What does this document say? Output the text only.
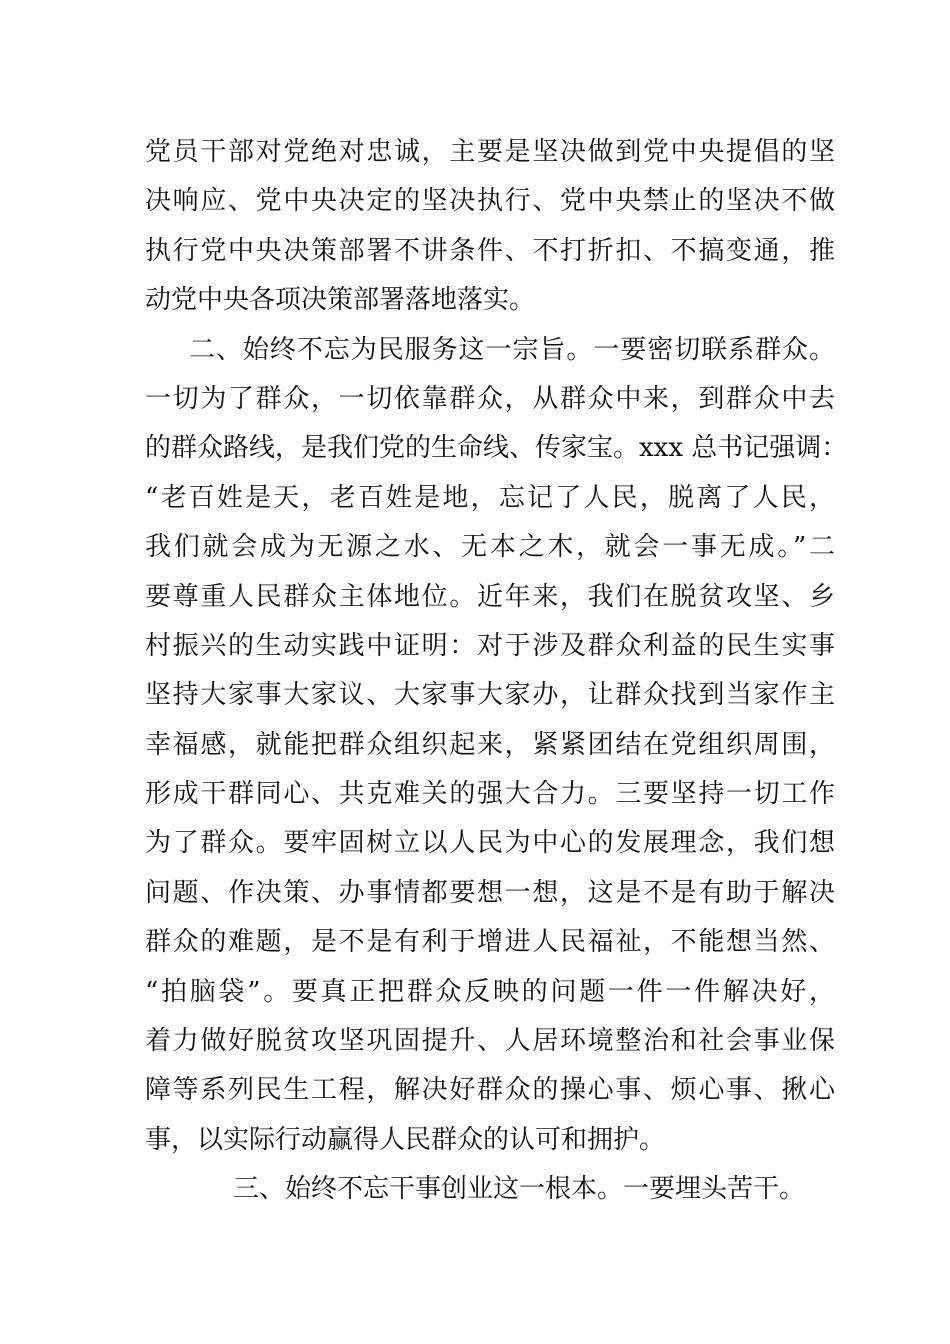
党员干部对党绝对忠诚，主要是坚决做到党中央提倡的坚
决响应、党中央决定的坚决执行、党中央禁止的坚决不做
执行党中央决策部署不讲条件、不打折扣、不搞变通，推
动党中央各项决策部署落地落实。
二、始终不忘为民服务这一宗旨。一要密切联系群众。
一切为了群众，一切依靠群众，从群众中来，到群众中去
的群众路线，是我们党的生命线、传家宝。xxx 总书记强调：
“老百姓是天，老百姓是地，忘记了人民，脱离了人民，
我们就会成为无源之水、无本之木，就会一事无成。”二
要尊重人民群众主体地位。近年来，我们在脱贫攻坚、乡
村振兴的生动实践中证明：对于涉及群众利益的民生实事
坚持大家事大家议、大家事大家办，让群众找到当家作主
幸福感，就能把群众组织起来，紧紧团结在党组织周围，
形成干群同心、共克难关的强大合力。三要坚持一切工作
为了群众。要牢固树立以人民为中心的发展理念，我们想
问题、作决策、办事情都要想一想，这是不是有助于解决
群众的难题，是不是有利于增进人民福祉，不能想当然、
“拍脑袋”。要真正把群众反映的问题一件一件解决好，
着力做好脱贫攻坚巩固提升、人居环境整治和社会事业保
障等系列民生工程，解决好群众的操心事、烦心事、揪心
事，以实际行动赢得人民群众的认可和拥护。
三、始终不忘干事创业这一根本。一要埋头苦干。
